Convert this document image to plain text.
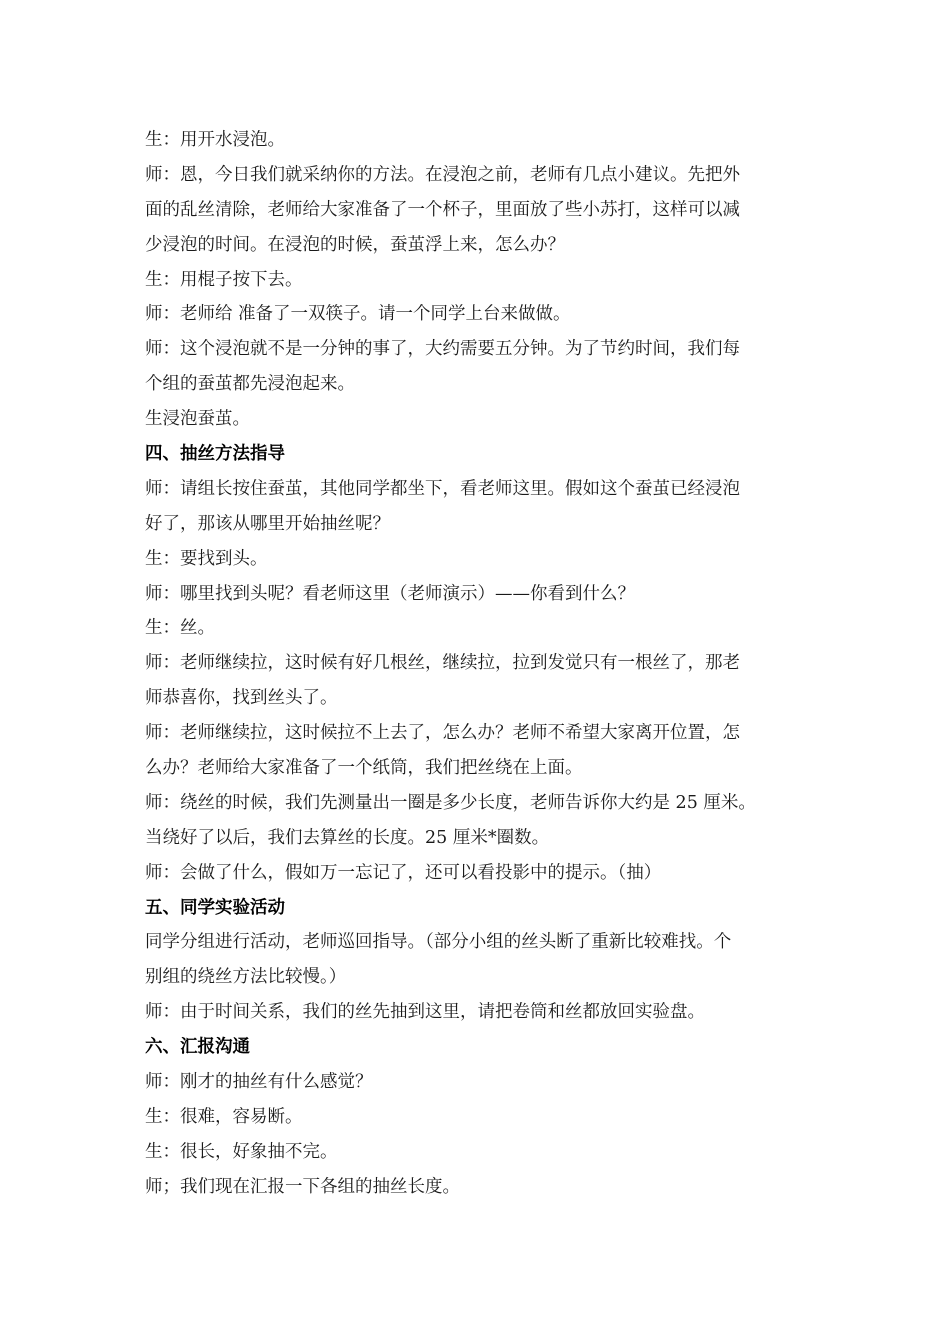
生：用开水浸泡。
师：恩，今日我们就采纳你的方法。在浸泡之前，老师有几点小建议。先把外
面的乱丝清除，老师给大家准备了一个杯子，里面放了些小苏打，这样可以减
少浸泡的时间。在浸泡的时候，蚕茧浮上来，怎么办？
生：用棍子按下去。
师：老师给 准备了一双筷子。请一个同学上台来做做。
师：这个浸泡就不是一分钟的事了，大约需要五分钟。为了节约时间，我们每
个组的蚕茧都先浸泡起来。
生浸泡蚕茧。
四、抽丝方法指导
师：请组长按住蚕茧，其他同学都坐下，看老师这里。假如这个蚕茧已经浸泡
好了，那该从哪里开始抽丝呢？
生：要找到头。
师：哪里找到头呢？看老师这里（老师演示）——你看到什么？
生：丝。
师：老师继续拉，这时候有好几根丝，继续拉，拉到发觉只有一根丝了，那老
师恭喜你，找到丝头了。
师：老师继续拉，这时候拉不上去了，怎么办？老师不希望大家离开位置，怎
么办？老师给大家准备了一个纸筒，我们把丝绕在上面。
师：绕丝的时候，我们先测量出一圈是多少长度，老师告诉你大约是 25 厘米。
当绕好了以后，我们去算丝的长度。25 厘米*圈数。
师：会做了什么，假如万一忘记了，还可以看投影中的提示。（抽）
五、同学实验活动
同学分组进行活动，老师巡回指导。（部分小组的丝头断了重新比较难找。个
别组的绕丝方法比较慢。）
师：由于时间关系，我们的丝先抽到这里，请把卷筒和丝都放回实验盘。
六、汇报沟通
师：刚才的抽丝有什么感觉？
生：很难，容易断。
生：很长，好象抽不完。
师；我们现在汇报一下各组的抽丝长度。
